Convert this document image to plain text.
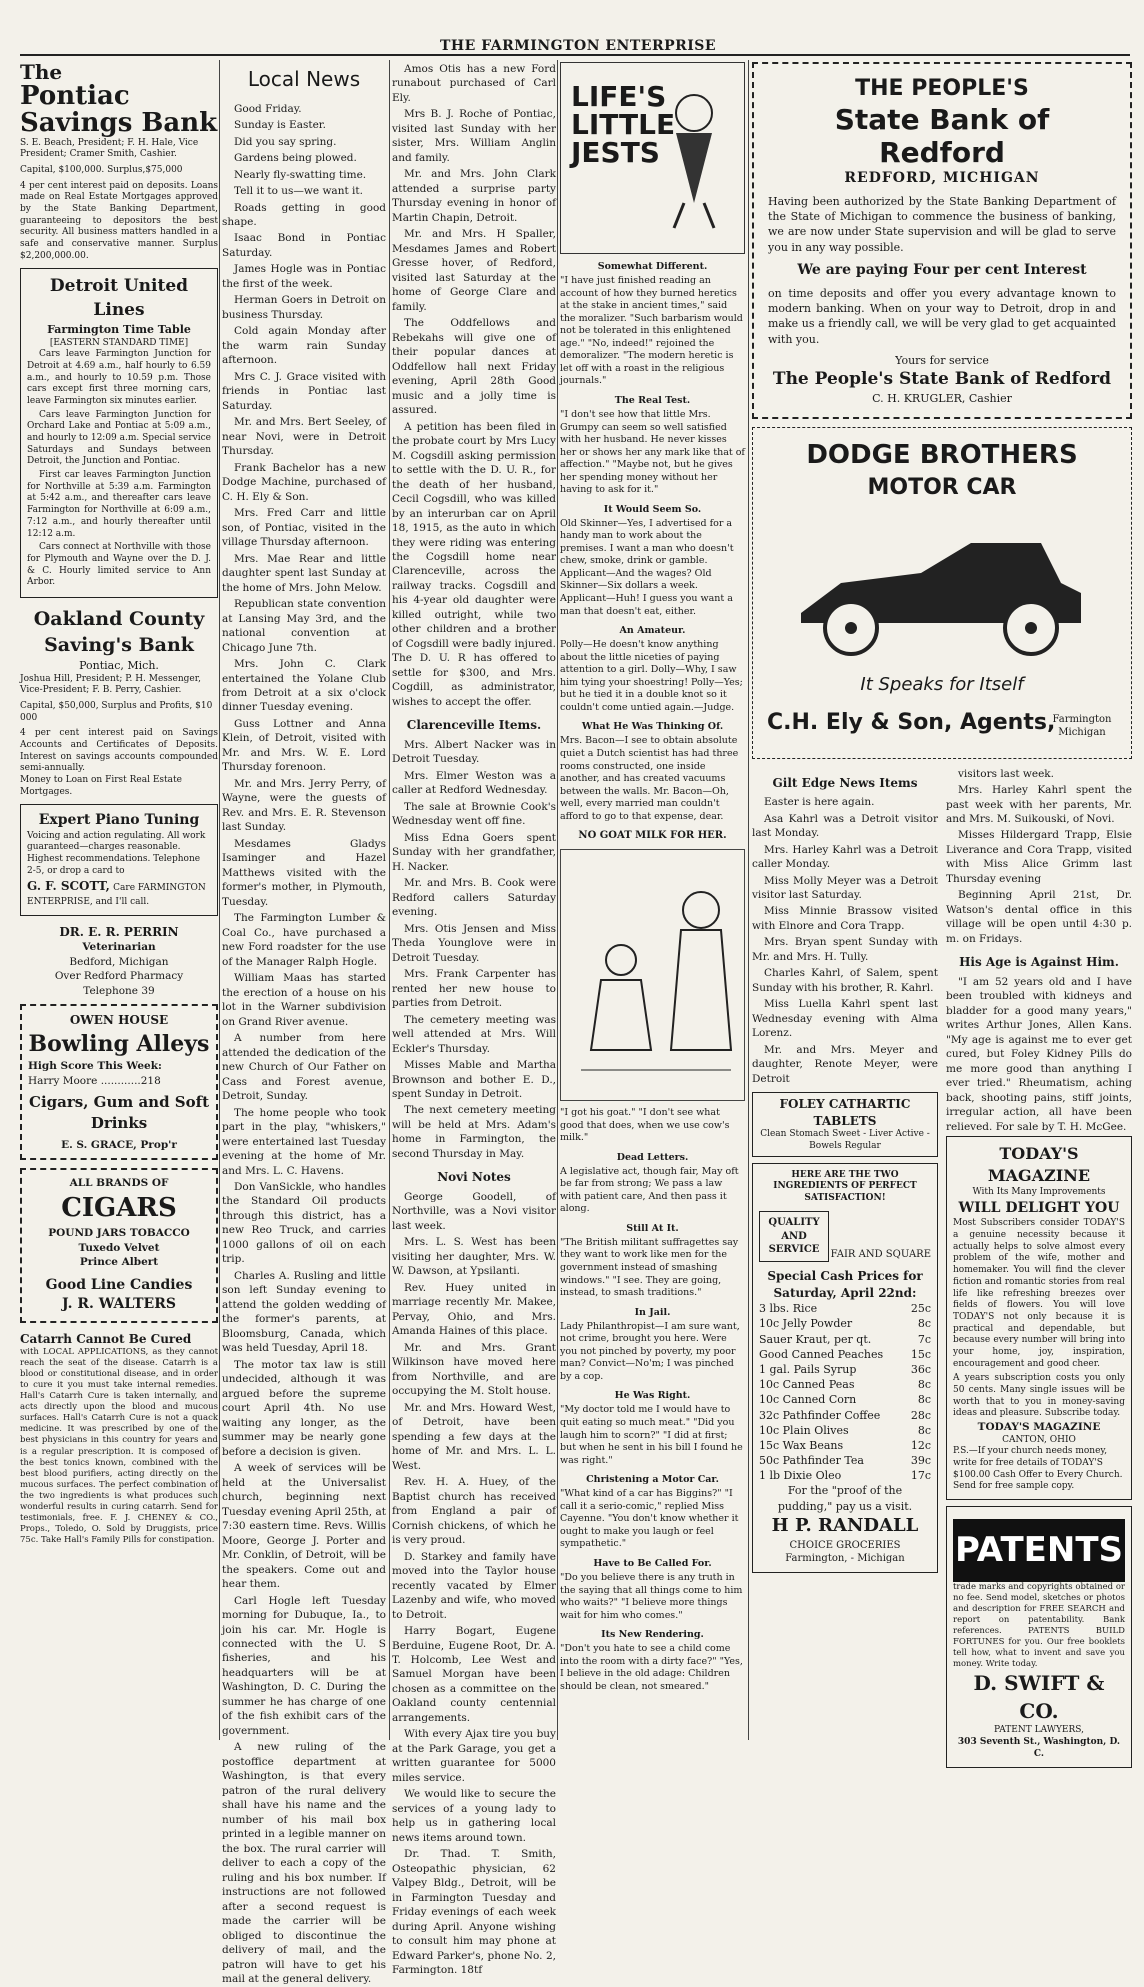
THE FARMINGTON ENTERPRISE
The
Pontiac
Savings Bank
S. E. Beach, President; F. H. Hale, Vice President; Cramer Smith, Cashier.
Capital, $100,000. Surplus,$75,000
4 per cent interest paid on deposits. Loans made on Real Estate Mortgages approved by the State Banking Department, guaranteeing to depositors the best security. All business matters handled in a safe and conservative manner. Surplus $2,200,000.00.
Detroit United Lines
Farmington Time Table
[EASTERN STANDARD TIME]

Cars leave Farmington Junction for Detroit at 4.69 a.m., half hourly to 6.59 a.m., and hourly to 10.59 p.m. Those cars except first three morning cars, leave Farmington six minutes earlier.

Cars leave Farmington Junction for Orchard Lake and Pontiac at 5:09 a.m., and hourly to 12:09 a.m. Special service Saturdays and Sundays between Detroit, the Junction and Pontiac.

First car leaves Farmington Junction for Northville at 5:39 a.m. Farmington at 5:42 a.m., and thereafter cars leave Farmington for Northville at 6:09 a.m., 7:12 a.m., and hourly thereafter until 12:12 a.m.

Cars connect at Northville with those for Plymouth and Wayne over the D. J. & C. Hourly limited service to Ann Arbor.

Oakland County
Saving's Bank
Pontiac, Mich.
Joshua Hill, President; P. H. Messenger, Vice-President; F. B. Perry, Cashier.
Capital, $50,000, Surplus and Profits, $10 000
4 per cent interest paid on Savings Accounts and Certificates of Deposits. Interest on savings accounts compounded semi-annually.
Money to Loan on First Real Estate Mortgages.
Expert Piano Tuning
Voicing and action regulating. All work guaranteed—charges reasonable. Highest recommendations. Telephone 2-5, or drop a card to
G. F. SCOTT, Care FARMINGTON ENTERPRISE, and I'll call.
DR. E. R. PERRIN
Veterinarian
Bedford, Michigan
Over Redford Pharmacy
Telephone 39
OWEN HOUSE
Bowling Alleys
High Score This Week:
Harry Moore ............218
Cigars, Gum and Soft Drinks
E. S. GRACE, Prop'r
ALL BRANDS OF
CIGARS
POUND JARS TOBACCO
Tuxedo Velvet
Prince Albert
Good Line Candies
J. R. WALTERS
Catarrh Cannot Be Cured
with LOCAL APPLICATIONS, as they cannot reach the seat of the disease. Catarrh is a blood or constitutional disease, and in order to cure it you must take internal remedies. Hall's Catarrh Cure is taken internally, and acts directly upon the blood and mucous surfaces. Hall's Catarrh Cure is not a quack medicine. It was prescribed by one of the best physicians in this country for years and is a regular prescription. It is composed of the best tonics known, combined with the best blood purifiers, acting directly on the mucous surfaces. The perfect combination of the two ingredients is what produces such wonderful results in curing catarrh. Send for testimonials, free. F. J. CHENEY & CO., Props., Toledo, O. Sold by Druggists, price 75c. Take Hall's Family Pills for constipation.
Local News

Good Friday.

Sunday is Easter.

Did you say spring.

Gardens being plowed.

Nearly fly-swatting time.

Tell it to us—we want it.

Roads getting in good shape.

Isaac Bond in Pontiac Saturday.

James Hogle was in Pontiac the first of the week.

Herman Goers in Detroit on business Thursday.

Cold again Monday after the warm rain Sunday afternoon.

Mrs C. J. Grace visited with friends in Pontiac last Saturday.

Mr. and Mrs. Bert Seeley, of near Novi, were in Detroit Thursday.

Frank Bachelor has a new Dodge Machine, purchased of C. H. Ely & Son.

Mrs. Fred Carr and little son, of Pontiac, visited in the village Thursday afternoon.

Mrs. Mae Rear and little daughter spent last Sunday at the home of Mrs. John Melow.

Republican state convention at Lansing May 3rd, and the national convention at Chicago June 7th.

Mrs. John C. Clark entertained the Yolane Club from Detroit at a six o'clock dinner Tuesday evening.

Guss Lottner and Anna Klein, of Detroit, visited with Mr. and Mrs. W. E. Lord Thursday forenoon.

Mr. and Mrs. Jerry Perry, of Wayne, were the guests of Rev. and Mrs. E. R. Stevenson last Sunday.

Mesdames Gladys Isaminger and Hazel Matthews visited with the former's mother, in Plymouth, Tuesday.

The Farmington Lumber & Coal Co., have purchased a new Ford roadster for the use of the Manager Ralph Hogle.

William Maas has started the erection of a house on his lot in the Warner subdivision on Grand River avenue.

A number from here attended the dedication of the new Church of Our Father on Cass and Forest avenue, Detroit, Sunday.

The home people who took part in the play, "whiskers," were entertained last Tuesday evening at the home of Mr. and Mrs. L. C. Havens.

Don VanSickle, who handles the Standard Oil products through this district, has a new Reo Truck, and carries 1000 gallons of oil on each trip.

Charles A. Rusling and little son left Sunday evening to attend the golden wedding of the former's parents, at Bloomsburg, Canada, which was held Tuesday, April 18.

The motor tax law is still undecided, although it was argued before the supreme court April 4th. No use waiting any longer, as the summer may be nearly gone before a decision is given.

A week of services will be held at the Universalist church, beginning next Tuesday evening April 25th, at 7:30 eastern time. Revs. Willis Moore, George J. Porter and Mr. Conklin, of Detroit, will be the speakers. Come out and hear them.

Carl Hogle left Tuesday morning for Dubuque, Ia., to join his car. Mr. Hogle is connected with the U. S fisheries, and his headquarters will be at Washington, D. C. During the summer he has charge of one of the fish exhibit cars of the government.

A new ruling of the postoffice department at Washington, is that every patron of the rural delivery shall have his name and the number of his mail box printed in a legible manner on the box. The rural carrier will deliver to each a copy of the ruling and his box number. If instructions are not followed after a second request is made the carrier will be obliged to discontinue the delivery of mail, and the patron will have to get his mail at the general delivery.

Amos Otis has a new Ford runabout purchased of Carl Ely.

Mrs B. J. Roche of Pontiac, visited last Sunday with her sister, Mrs. William Anglin and family.

Mr. and Mrs. John Clark attended a surprise party Thursday evening in honor of Martin Chapin, Detroit.

Mr. and Mrs. H Spaller, Mesdames James and Robert Gresse hover, of Redford, visited last Saturday at the home of George Clare and family.

The Oddfellows and Rebekahs will give one of their popular dances at Oddfellow hall next Friday evening, April 28th Good music and a jolly time is assured.

A petition has been filed in the probate court by Mrs Lucy M. Cogsdill asking permission to settle with the D. U. R., for the death of her husband, Cecil Cogsdill, who was killed by an interurban car on April 18, 1915, as the auto in which they were riding was entering the Cogsdill home near Clarenceville, across the railway tracks. Cogsdill and his 4-year old daughter were killed outright, while two other children and a brother of Cogsdill were badly injured. The D. U. R has offered to settle for $300, and Mrs. Cogdill, as administrator, wishes to accept the offer.

Clarenceville Items.

Mrs. Albert Nacker was in Detroit Tuesday.

Mrs. Elmer Weston was a caller at Redford Wednesday.

The sale at Brownie Cook's Wednesday went off fine.

Miss Edna Goers spent Sunday with her grandfather, H. Nacker.

Mr. and Mrs. B. Cook were Redford callers Saturday evening.

Mrs. Otis Jensen and Miss Theda Younglove were in Detroit Tuesday.

Mrs. Frank Carpenter has rented her new house to parties from Detroit.

The cemetery meeting was well attended at Mrs. Will Eckler's Thursday.

Misses Mable and Martha Brownson and bother E. D., spent Sunday in Detroit.

The next cemetery meeting will be held at Mrs. Adam's home in Farmington, the second Thursday in May.

Novi Notes

George Goodell, of Northville, was a Novi visitor last week.

Mrs. L. S. West has been visiting her daughter, Mrs. W. W. Dawson, at Ypsilanti.

Rev. Huey united in marriage recently Mr. Makee, Pervay, Ohio, and Mrs. Amanda Haines of this place.

Mr. and Mrs. Grant Wilkinson have moved here from Northville, and are occupying the M. Stolt house.

Mr. and Mrs. Howard West, of Detroit, have been spending a few days at the home of Mr. and Mrs. L. L. West.

Rev. H. A. Huey, of the Baptist church has received from England a pair of Cornish chickens, of which he is very proud.

D. Starkey and family have moved into the Taylor house recently vacated by Elmer Lazenby and wife, who moved to Detroit.

Harry Bogart, Eugene Berduine, Eugene Root, Dr. A. T. Holcomb, Lee West and Samuel Morgan have been chosen as a committee on the Oakland county centennial arrangements.

With every Ajax tire you buy at the Park Garage, you get a written guarantee for 5000 miles service.

We would like to secure the services of a young lady to help us in gathering local news items around town.

Dr. Thad. T. Smith, Osteopathic physician, 62 Valpey Bldg., Detroit, will be in Farmington Tuesday and Friday evenings of each week during April. Anyone wishing to consult him may phone at Edward Parker's, phone No. 2, Farmington. 18tf

LIFE'S LITTLE JESTS
Somewhat Different.
"I have just finished reading an account of how they burned heretics at the stake in ancient times," said the moralizer. "Such barbarism would not be tolerated in this enlightened age." "No, indeed!" rejoined the demoralizer. "The modern heretic is let off with a roast in the religious journals."
The Real Test.
"I don't see how that little Mrs. Grumpy can seem so well satisfied with her husband. He never kisses her or shows her any mark like that of affection." "Maybe not, but he gives her spending money without her having to ask for it."
It Would Seem So.
Old Skinner—Yes, I advertised for a handy man to work about the premises. I want a man who doesn't chew, smoke, drink or gamble. Applicant—And the wages? Old Skinner—Six dollars a week. Applicant—Huh! I guess you want a man that doesn't eat, either.
An Amateur.
Polly—He doesn't know anything about the little niceties of paying attention to a girl. Dolly—Why, I saw him tying your shoestring! Polly—Yes; but he tied it in a double knot so it couldn't come untied again.—Judge.
What He Was Thinking Of.
Mrs. Bacon—I see to obtain absolute quiet a Dutch scientist has had three rooms constructed, one inside another, and has created vacuums between the walls. Mr. Bacon—Oh, well, every married man couldn't afford to go to that expense, dear.
NO GOAT MILK FOR HER.
"I got his goat." "I don't see what good that does, when we use cow's milk."
Dead Letters.
A legislative act, though fair, May oft be far from strong; We pass a law with patient care, And then pass it along.
Still At It.
"The British militant suffragettes say they want to work like men for the government instead of smashing windows." "I see. They are going, instead, to smash traditions."
In Jail.
Lady Philanthropist—I am sure want, not crime, brought you here. Were you not pinched by poverty, my poor man? Convict—No'm; I was pinched by a cop.
He Was Right.
"My doctor told me I would have to quit eating so much meat." "Did you laugh him to scorn?" "I did at first; but when he sent in his bill I found he was right."
Christening a Motor Car.
"What kind of a car has Biggins?" "I call it a serio-comic," replied Miss Cayenne. "You don't know whether it ought to make you laugh or feel sympathetic."
Have to Be Called For.
"Do you believe there is any truth in the saying that all things come to him who waits?" "I believe more things wait for him who comes."
Its New Rendering.
"Don't you hate to see a child come into the room with a dirty face?" "Yes, I believe in the old adage: Children should be clean, not smeared."
THE PEOPLE'S
State Bank of Redford
REDFORD, MICHIGAN
Having been authorized by the State Banking Department of the State of Michigan to commence the business of banking, we are now under State supervision and will be glad to serve you in any way possible.
We are paying Four per cent Interest
on time deposits and offer you every advantage known to modern banking. When on your way to Detroit, drop in and make us a friendly call, we will be very glad to get acquainted with you.
Yours for service
The People's State Bank of Redford
C. H. KRUGLER, Cashier
DODGE BROTHERS
MOTOR CAR
It Speaks for Itself
C.H. Ely & Son, Agents,
Farmington Michigan
Gilt Edge News Items

Easter is here again.

Asa Kahrl was a Detroit visitor last Monday.

Mrs. Harley Kahrl was a Detroit caller Monday.

Miss Molly Meyer was a Detroit visitor last Saturday.

Miss Minnie Brassow visited with Elnore and Cora Trapp.

Mrs. Bryan spent Sunday with Mr. and Mrs. H. Tully.

Charles Kahrl, of Salem, spent Sunday with his brother, R. Kahrl.

Miss Luella Kahrl spent last Wednesday evening with Alma Lorenz.

Mr. and Mrs. Meyer and daughter, Renote Meyer, were Detroit

FOLEY CATHARTIC TABLETS
Clean Stomach Sweet - Liver Active - Bowels Regular
HERE ARE THE TWO INGREDIENTS OF PERFECT SATISFACTION!
QUALITY AND SERVICE	FAIR AND SQUARE
Special Cash Prices for Saturday, April 22nd:
3 lbs. Rice	25c
10c Jelly Powder	8c
Sauer Kraut, per qt.	7c
Good Canned Peaches	15c
1 gal. Pails Syrup	36c
10c Canned Peas	8c
10c Canned Corn	8c
32c Pathfinder Coffee	28c
10c Plain Olives	8c
15c Wax Beans	12c
50c Pathfinder Tea	39c
1 lb Dixie Oleo	17c
For the "proof of the pudding," pay us a visit.
H P. RANDALL
CHOICE GROCERIES
Farmington, - Michigan

visitors last week.

Mrs. Harley Kahrl spent the past week with her parents, Mr. and Mrs. M. Suikouski, of Novi.

Misses Hildergard Trapp, Elsie Liverance and Cora Trapp, visited with Miss Alice Grimm last Thursday evening

Beginning April 21st, Dr. Watson's dental office in this village will be open until 4:30 p. m. on Fridays.

His Age is Against Him.

"I am 52 years old and I have been troubled with kidneys and bladder for a good many years," writes Arthur Jones, Allen Kans. "My age is against me to ever get cured, but Foley Kidney Pills do me more good than anything I ever tried." Rheumatism, aching back, shooting pains, stiff joints, irregular action, all have been relieved. For sale by T. H. McGee.

TODAY'S MAGAZINE
With Its Many Improvements
WILL DELIGHT YOU
Most Subscribers consider TODAY'S a genuine necessity because it actually helps to solve almost every problem of the wife, mother and homemaker. You will find the clever fiction and romantic stories from real life like refreshing breezes over fields of flowers. You will love TODAY'S not only because it is practical and dependable, but because every number will bring into your home, joy, inspiration, encouragement and good cheer.
A years subscription costs you only 50 cents. Many single issues will be worth that to you in money-saving ideas and pleasure. Subscribe today.
TODAY'S MAGAZINE
CANTON, OHIO
P.S.—If your church needs money, write for free details of TODAY'S $100.00 Cash Offer to Every Church. Send for free sample copy.
PATENTS
trade marks and copyrights obtained or no fee. Send model, sketches or photos and description for FREE SEARCH and report on patentability. Bank references. PATENTS BUILD FORTUNES for you. Our free booklets tell how, what to invent and save you money. Write today.
D. SWIFT & CO.
PATENT LAWYERS,
303 Seventh St., Washington, D. C.
